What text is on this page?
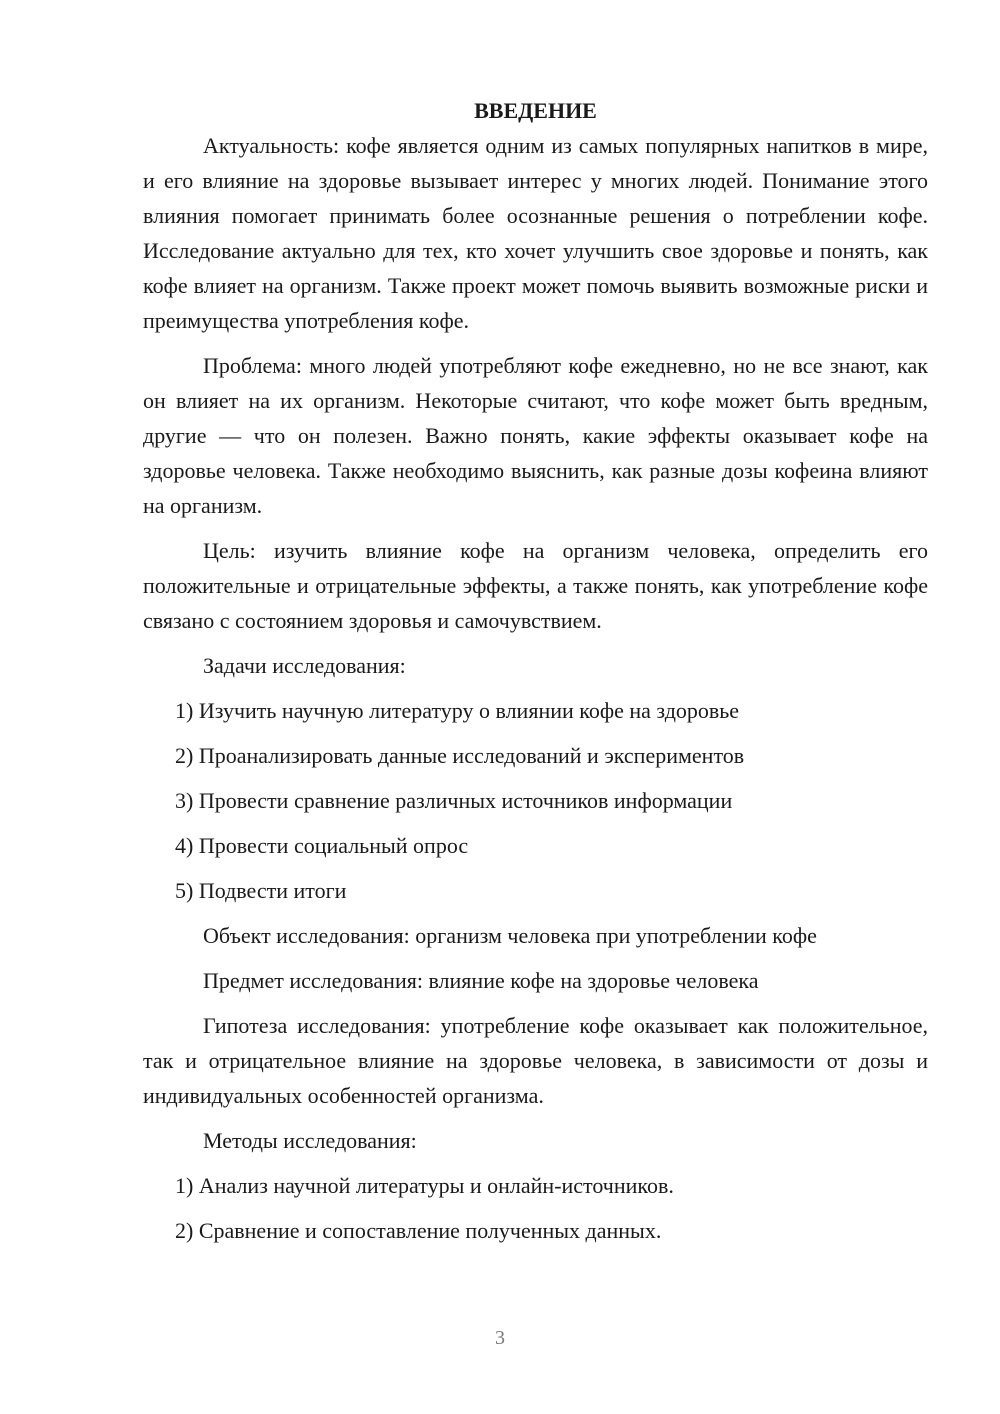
ВВЕДЕНИЕ

Актуальность: кофе является одним из самых популярных напитков в мире, и его влияние на здоровье вызывает интерес у многих людей. Понимание этого влияния помогает принимать более осознанные решения о потреблении кофе. Исследование актуально для тех, кто хочет улучшить свое здоровье и понять, как кофе влияет на организм. Также проект может помочь выявить возможные риски и преимущества употребления кофе.

Проблема: много людей употребляют кофе ежедневно, но не все знают, как он влияет на их организм. Некоторые считают, что кофе может быть вредным, другие — что он полезен. Важно понять, какие эффекты оказывает кофе на здоровье человека. Также необходимо выяснить, как разные дозы кофеина влияют на организм.

Цель: изучить влияние кофе на организм человека, определить его положительные и отрицательные эффекты, а также понять, как употребление кофе связано с состоянием здоровья и самочувствием.

Задачи исследования:

1) Изучить научную литературу о влиянии кофе на здоровье
2) Проанализировать данные исследований и экспериментов
3) Провести сравнение различных источников информации
4) Провести социальный опрос
5) Подвести итоги

Объект исследования: организм человека при употреблении кофе

Предмет исследования: влияние кофе на здоровье человека

Гипотеза исследования: употребление кофе оказывает как положительное, так и отрицательное влияние на здоровье человека, в зависимости от дозы и индивидуальных особенностей организма.

Методы исследования:

1) Анализ научной литературы и онлайн-источников.
2) Сравнение и сопоставление полученных данных.
3
